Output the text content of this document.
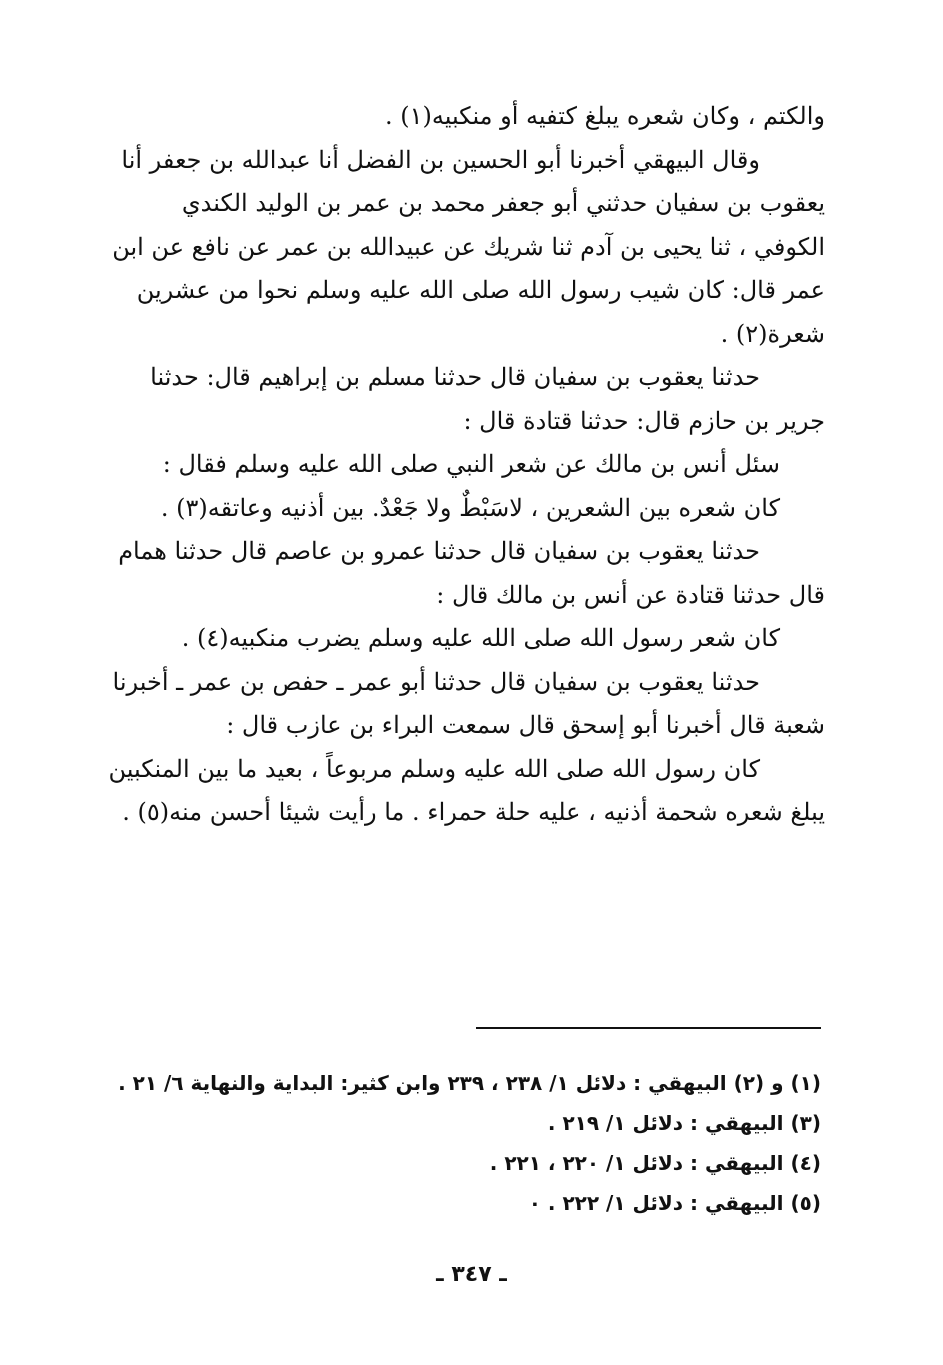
والكتم ، وكان شعره يبلغ كتفيه أو منكبيه(١) .
وقال البيهقي أخبرنا أبو الحسين بن الفضل أنا عبدالله بن جعفر أنا
يعقوب بن سفيان حدثني أبو جعفر محمد بن عمر بن الوليد الكندي
الكوفي ، ثنا يحيى بن آدم ثنا شريك عن عبيدالله بن عمر عن نافع عن ابن
عمر قال: كان شيب رسول الله صلى الله عليه وسلم نحوا من عشرين
شعرة(٢) .
حدثنا يعقوب بن سفيان قال حدثنا مسلم بن إبراهيم قال: حدثنا
جرير بن حازم قال: حدثنا قتادة قال :
سئل أنس بن مالك عن شعر النبي صلى الله عليه وسلم فقال :
كان شعره بين الشعرين ، لاسَبْطٌ ولا جَعْدٌ. بين أذنيه وعاتقه(٣) .
حدثنا يعقوب بن سفيان قال حدثنا عمرو بن عاصم قال حدثنا همام
قال حدثنا قتادة عن أنس بن مالك قال :
كان شعر رسول الله صلى الله عليه وسلم يضرب منكبيه(٤) .
حدثنا يعقوب بن سفيان قال حدثنا أبو عمر ـ حفص بن عمر ـ أخبرنا
شعبة قال أخبرنا أبو إسحق قال سمعت البراء بن عازب قال :
كان رسول الله صلى الله عليه وسلم مربوعاً ، بعيد ما بين المنكبين
يبلغ شعره شحمة أذنيه ، عليه حلة حمراء . ما رأيت شيئا أحسن منه(٥) .
(١) و (٢) البيهقي : دلائل ١/ ٢٣٨ ، ٢٣٩ وابن كثير: البداية والنهاية ٦/ ٢١ .
(٣) البيهقي : دلائل ١/ ٢١٩ .
(٤) البيهقي : دلائل ١/ ٢٢٠ ، ٢٢١ .
(٥) البيهقي : دلائل ١/ ٢٢٢ . ٠
ـ ٣٤٧ ـ
